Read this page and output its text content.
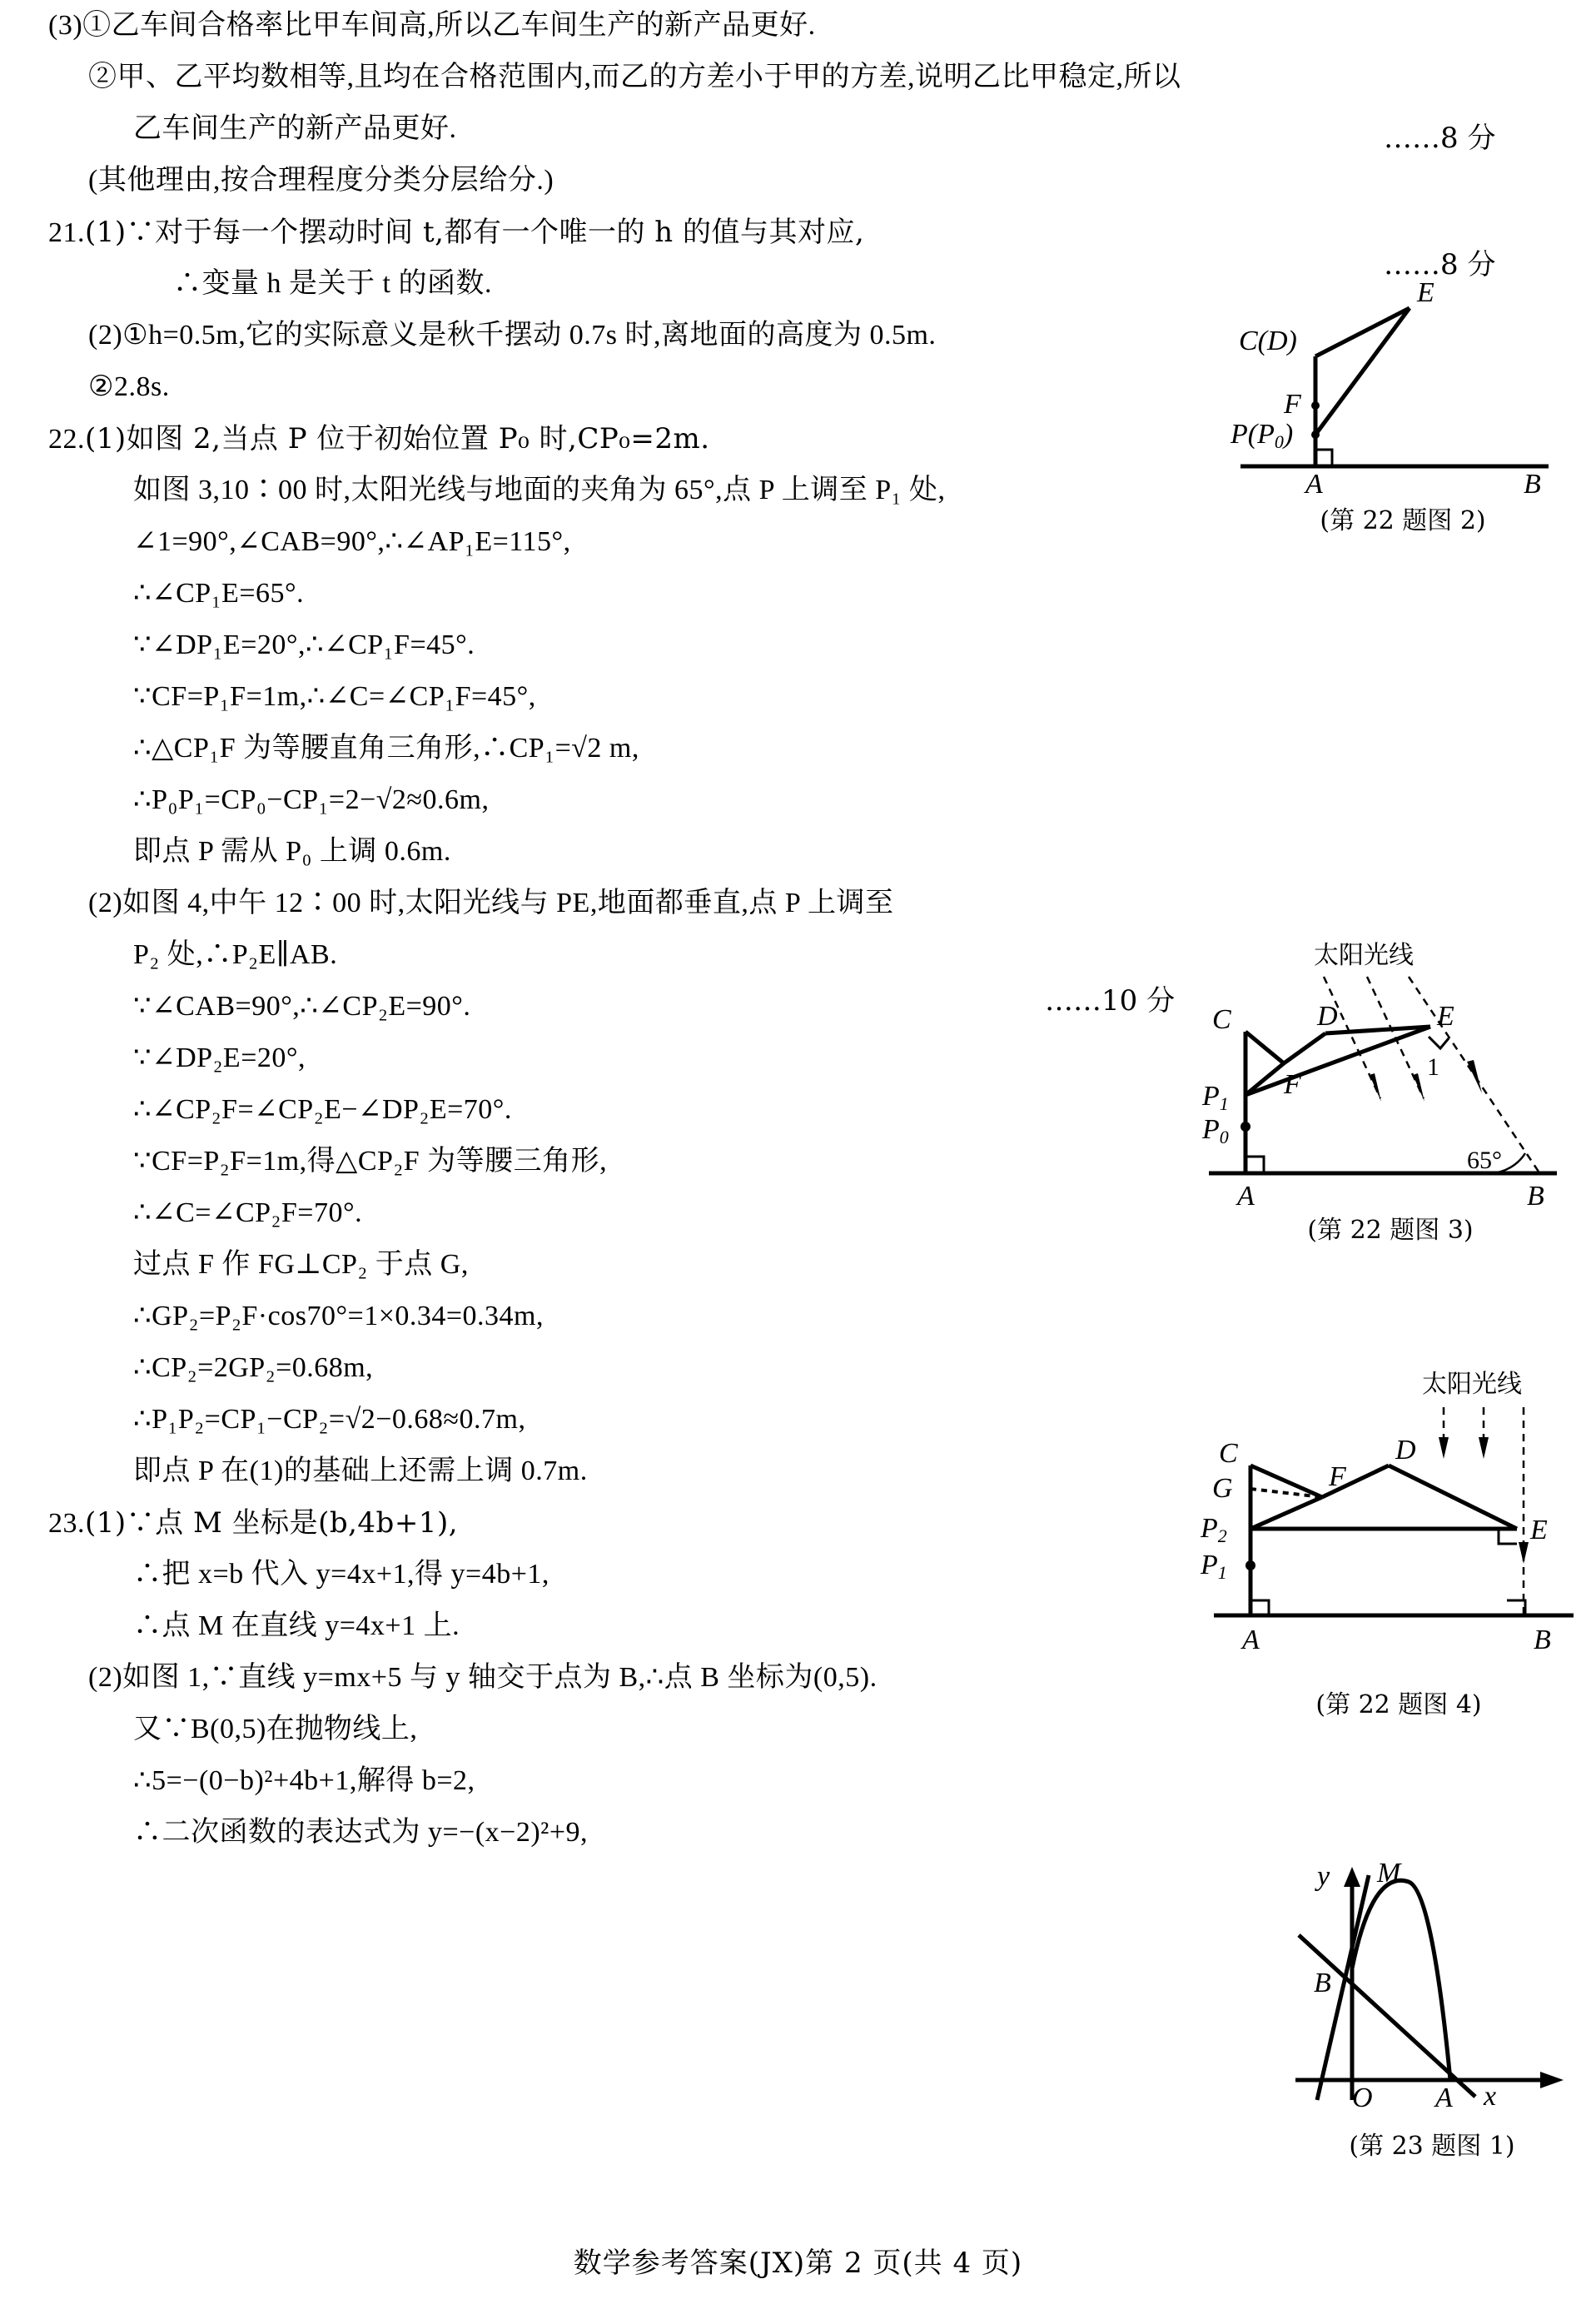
(3)①乙车间合格率比甲车间高,所以乙车间生产的新产品更好.
②甲、乙平均数相等,且均在合格范围内,而乙的方差小于甲的方差,说明乙比甲稳定,所以
乙车间生产的新产品更好.
(其他理由,按合理程度分类分层给分.)
21. (1)∵对于每一个摆动时间 t,都有一个唯一的 h 的值与其对应,
∴变量 h 是关于 t 的函数.
(2)①h=0.5m,它的实际意义是秋千摆动 0.7s 时,离地面的高度为 0.5m.
②2.8s.
22. (1)如图 2,当点 P 位于初始位置 P₀ 时,CP₀=2m.
如图 3,10∶00 时,太阳光线与地面的夹角为 65°,点 P 上调至 P₁ 处,
∠1=90°,∠CAB=90°,∴∠AP₁E=115°,
∴∠CP₁E=65°.
∵∠DP₁E=20°,∴∠CP₁F=45°.
∵CF=P₁F=1m,∴∠C=∠CP₁F=45°,
∴△CP₁F 为等腰直角三角形,∴CP₁=√2 m,
∴P₀P₁=CP₀−CP₁=2−√2≈0.6m,
即点 P 需从 P₀ 上调 0.6m.
(2)如图 4,中午 12∶00 时,太阳光线与 PE,地面都垂直,点 P 上调至
P₂ 处,∴P₂E∥AB.
∵∠CAB=90°,∴∠CP₂E=90°.
∵∠DP₂E=20°,
∴∠CP₂F=∠CP₂E−∠DP₂E=70°.
∵CF=P₂F=1m,得△CP₂F 为等腰三角形,
∴∠C=∠CP₂F=70°.
过点 F 作 FG⊥CP₂ 于点 G,
∴GP₂=P₂F·cos70°=1×0.34=0.34m,
∴CP₂=2GP₂=0.68m,
∴P₁P₂=CP₁−CP₂=√2−0.68≈0.7m,
即点 P 在(1)的基础上还需上调 0.7m.
23. (1)∵点 M 坐标是(b,4b+1),
∴把 x=b 代入 y=4x+1,得 y=4b+1,
∴点 M 在直线 y=4x+1 上.
(2)如图 1,∵直线 y=mx+5 与 y 轴交于点为 B,∴点 B 坐标为(0,5).
又∵B(0,5)在抛物线上,
∴5=−(0−b)²+4b+1,解得 b=2,
∴二次函数的表达式为 y=−(x−2)²+9,
……8 分
……8 分
……10 分
E
C(D)
F
P(P0)
A	B
(第 22 题图 2)
太阳光线
C	D	E
F
1
P1
P0
A	B
65°
(第 22 题图 3)
太阳光线
C	D
F
G
P2
P1
E
A	B
(第 22 题图 4)
y M
B
O A x
(第 23 题图 1)
数学参考答案(JX)第 2 页(共 4 页)
